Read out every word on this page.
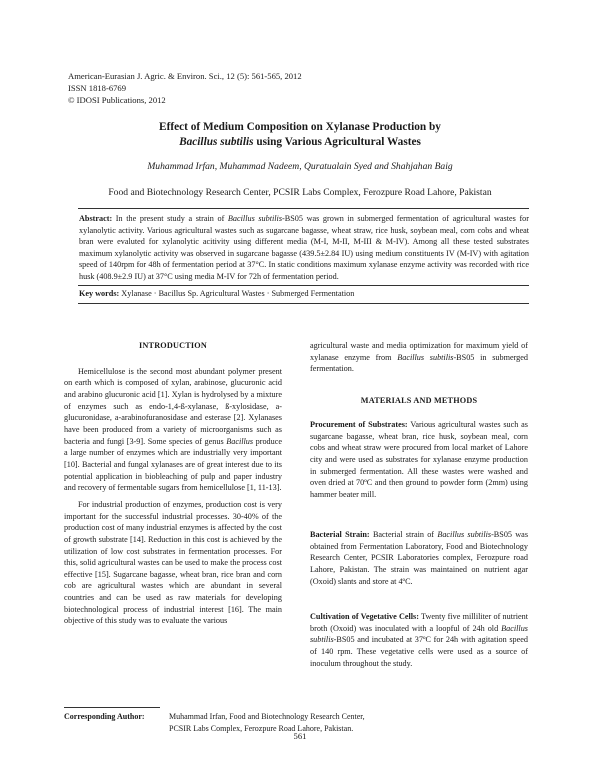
American-Eurasian J. Agric. & Environ. Sci., 12 (5): 561-565, 2012
ISSN 1818-6769
© IDOSI Publications, 2012
Effect of Medium Composition on Xylanase Production by
Bacillus subtilis using Various Agricultural Wastes
Muhammad Irfan, Muhammad Nadeem, Quratualain Syed and Shahjahan Baig
Food and Biotechnology Research Center, PCSIR Labs Complex, Ferozpure Road Lahore, Pakistan
Abstract: In the present study a strain of Bacillus subtilis-BS05 was grown in submerged fermentation of agricultural wastes for xylanolytic activity. Various agricultural wastes such as sugarcane bagasse, wheat straw, rice husk, soybean meal, corn cobs and wheat bran were evaluted for xylanolytic acitivity using different media (M-I, M-II, M-III & M-IV). Among all these tested substrates maximum xylanolytic activity was observed in sugarcane bagasse (439.5±2.84 IU) using medium constituents IV (M-IV) with agitation speed of 140rpm for 48h of fermentation period at 37°C. In static conditions maximum xylanase enzyme activity was recorded with rice husk (408.9±2.9 IU) at 37°C using media M-IV for 72h of fermentation period.
Key words: Xylanase · Bacillus Sp. Agricultural Wastes · Submerged Fermentation
INTRODUCTION

Hemicellulose is the second most abundant polymer present on earth which is composed of xylan, arabinose, glucuronic acid and arabino glucuronic acid [1]. Xylan is hydrolysed by a mixture of enzymes such as endo-1,4-ß-xylanase, ß-xylosidase, a-glucuronidase, a-arabinofuranosidase and esterase [2]. Xylanases have been produced from a variety of microorganisms such as bacteria and fungi [3-9]. Some species of genus Bacillus produce a large number of enzymes which are industrially very important [10]. Bacterial and fungal xylanases are of great interest due to its potential application in biobleaching of pulp and paper industry and recovery of fermentable sugars from hemicellulose [1, 11-13].

For industrial production of enzymes, production cost is very important for the successful industrial processes. 30-40% of the production cost of many industrial enzymes is affected by the cost of growth substrate [14]. Reduction in this cost is achieved by the utilization of low cost substrates in fermentation processes. For this, solid agricultural wastes can be used to make the process cost effective [15]. Sugarcane bagasse, wheat bran, rice bran and corn cob are agricultural wastes which are abundant in several countries and can be used as raw materials for developing biotechnological process of industrial interest [16]. The main objective of this study was to evaluate the various

agricultural waste and media optimization for maximum yield of xylanase enzyme from Bacillus subtilis-BS05 in submerged fermentation.

MATERIALS AND METHODS

Procurement of Substrates: Various agricultural wastes such as sugarcane bagasse, wheat bran, rice husk, soybean meal, corn cobs and wheat straw were procured from local market of Lahore city and were used as substrates for xylanase enzyme production in submerged fermentation. All these wastes were washed and oven dried at 70ºC and then ground to powder form (2mm) using hammer beater mill.

Bacterial Strain: Bacterial strain of Bacillus subtilis-BS05 was obtained from Fermentation Laboratory, Food and Biotechnology Research Center, PCSIR Laboratories complex, Ferozpure road Lahore, Pakistan. The strain was maintained on nutrient agar (Oxoid) slants and store at 4ºC.

Cultivation of Vegetative Cells: Twenty five milliliter of nutrient broth (Oxoid) was inoculated with a loopful of 24h old Bacillus subtilis-BS05 and incubated at 37ºC for 24h with agitation speed of 140 rpm. These vegetative cells were used as a source of inoculum throughout the study.

Corresponding Author:	Muhammad Irfan, Food and Biotechnology Research Center,
PCSIR Labs Complex, Ferozpure Road Lahore, Pakistan.
561
